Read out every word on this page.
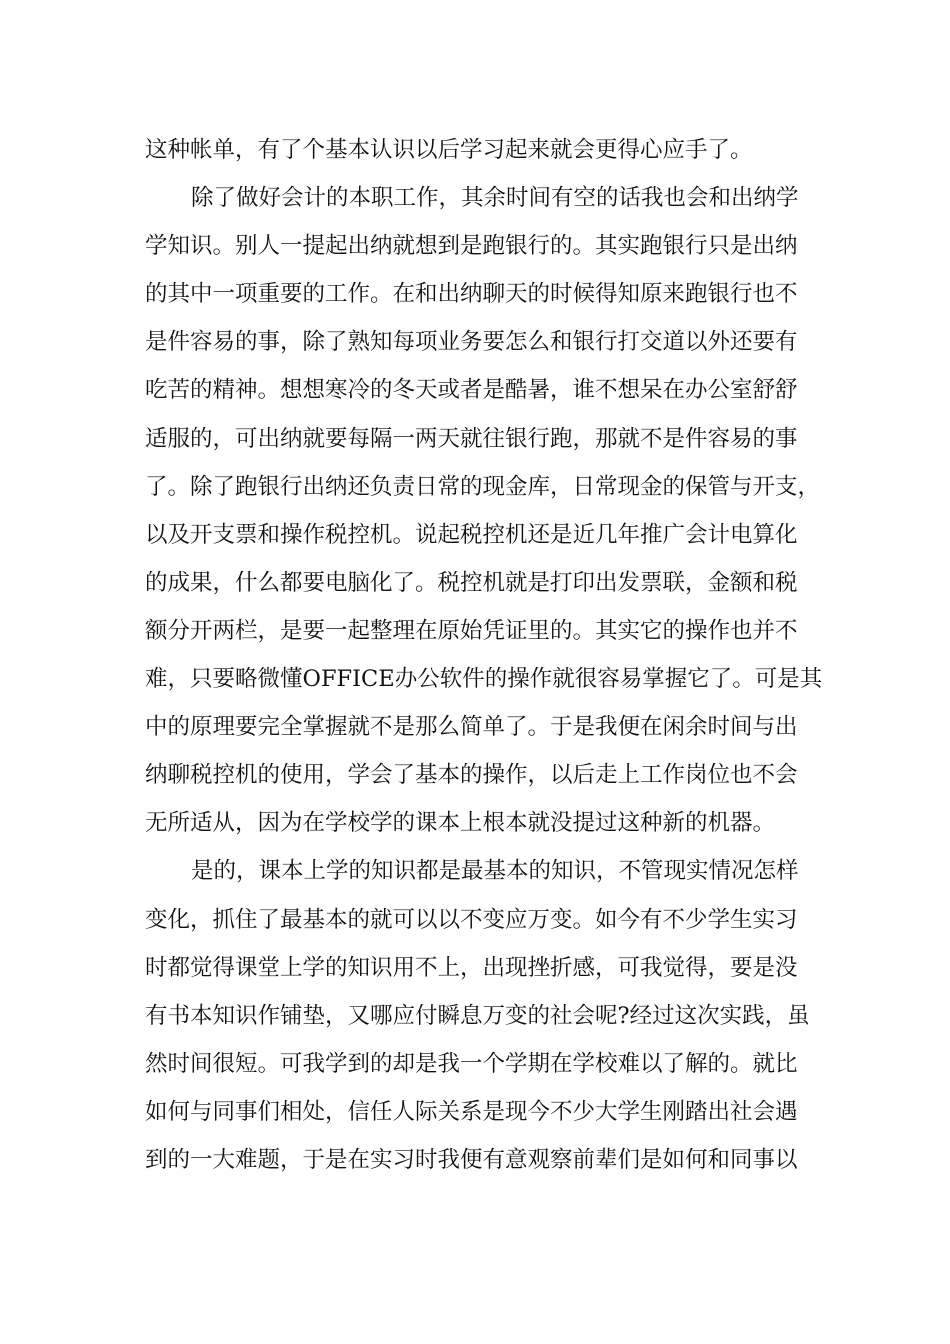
这种帐单，有了个基本认识以后学习起来就会更得心应手了。
除了做好会计的本职工作，其余时间有空的话我也会和出纳学
学知识。别人一提起出纳就想到是跑银行的。其实跑银行只是出纳
的其中一项重要的工作。在和出纳聊天的时候得知原来跑银行也不
是件容易的事，除了熟知每项业务要怎么和银行打交道以外还要有
吃苦的精神。想想寒冷的冬天或者是酷暑，谁不想呆在办公室舒舒
适服的，可出纳就要每隔一两天就往银行跑，那就不是件容易的事
了。除了跑银行出纳还负责日常的现金库，日常现金的保管与开支，
以及开支票和操作税控机。说起税控机还是近几年推广会计电算化
的成果，什么都要电脑化了。税控机就是打印出发票联，金额和税
额分开两栏，是要一起整理在原始凭证里的。其实它的操作也并不
难，只要略微懂OFFICE办公软件的操作就很容易掌握它了。可是其
中的原理要完全掌握就不是那么简单了。于是我便在闲余时间与出
纳聊税控机的使用，学会了基本的操作，以后走上工作岗位也不会
无所适从，因为在学校学的课本上根本就没提过这种新的机器。
是的，课本上学的知识都是最基本的知识，不管现实情况怎样
变化，抓住了最基本的就可以以不变应万变。如今有不少学生实习
时都觉得课堂上学的知识用不上，出现挫折感，可我觉得，要是没
有书本知识作铺垫，又哪应付瞬息万变的社会呢?经过这次实践，虽
然时间很短。可我学到的却是我一个学期在学校难以了解的。就比
如何与同事们相处，信任人际关系是现今不少大学生刚踏出社会遇
到的一大难题，于是在实习时我便有意观察前辈们是如何和同事以
